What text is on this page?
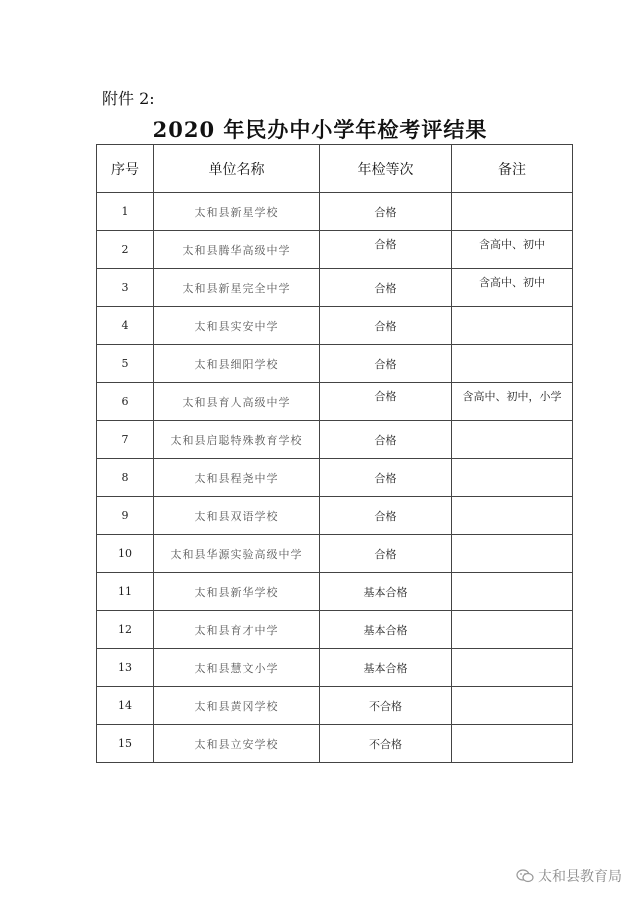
附件 2:
2020 年民办中小学年检考评结果
序号	单位名称	年检等次	备注
1	太和县新星学校	合格	
2	太和县腾华高级中学	合格	含高中、初中
3	太和县新星完全中学	合格	含高中、初中
4	太和县实安中学	合格	
5	太和县细阳学校	合格	
6	太和县育人高级中学	合格	含高中、初中，小学
7	太和县启聪特殊教育学校	合格	
8	太和县程尧中学	合格	
9	太和县双语学校	合格	
10	太和县华源实验高级中学	合格	
11	太和县新华学校	基本合格	
12	太和县育才中学	基本合格	
13	太和县慧文小学	基本合格	
14	太和县黄冈学校	不合格	
15	太和县立安学校	不合格	
太和县教育局
